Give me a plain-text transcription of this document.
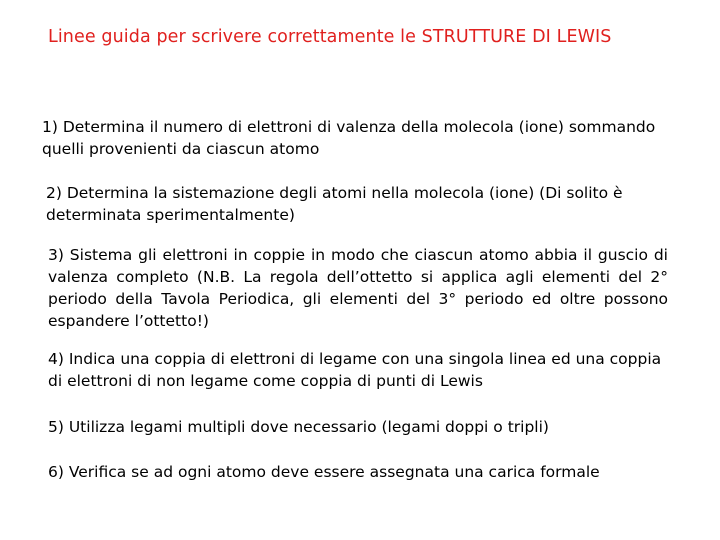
Linee guida per scrivere correttamente le STRUTTURE DI LEWIS
1) Determina il numero di elettroni di valenza della molecola (ione) sommando quelli provenienti da ciascun atomo
2) Determina la sistemazione degli atomi nella molecola (ione) (Di solito è determinata sperimentalmente)
3) Sistema gli elettroni in coppie in modo che ciascun atomo abbia il guscio di valenza completo (N.B. La regola dell’ottetto si applica agli elementi del 2° periodo della Tavola Periodica, gli elementi del 3° periodo ed oltre possono espandere l’ottetto!)
4) Indica una coppia di elettroni di legame con una singola linea ed una coppia di elettroni di non legame come coppia di punti di Lewis
5) Utilizza legami multipli dove necessario (legami doppi o tripli)
6) Verifica se ad ogni atomo deve essere assegnata una carica formale
